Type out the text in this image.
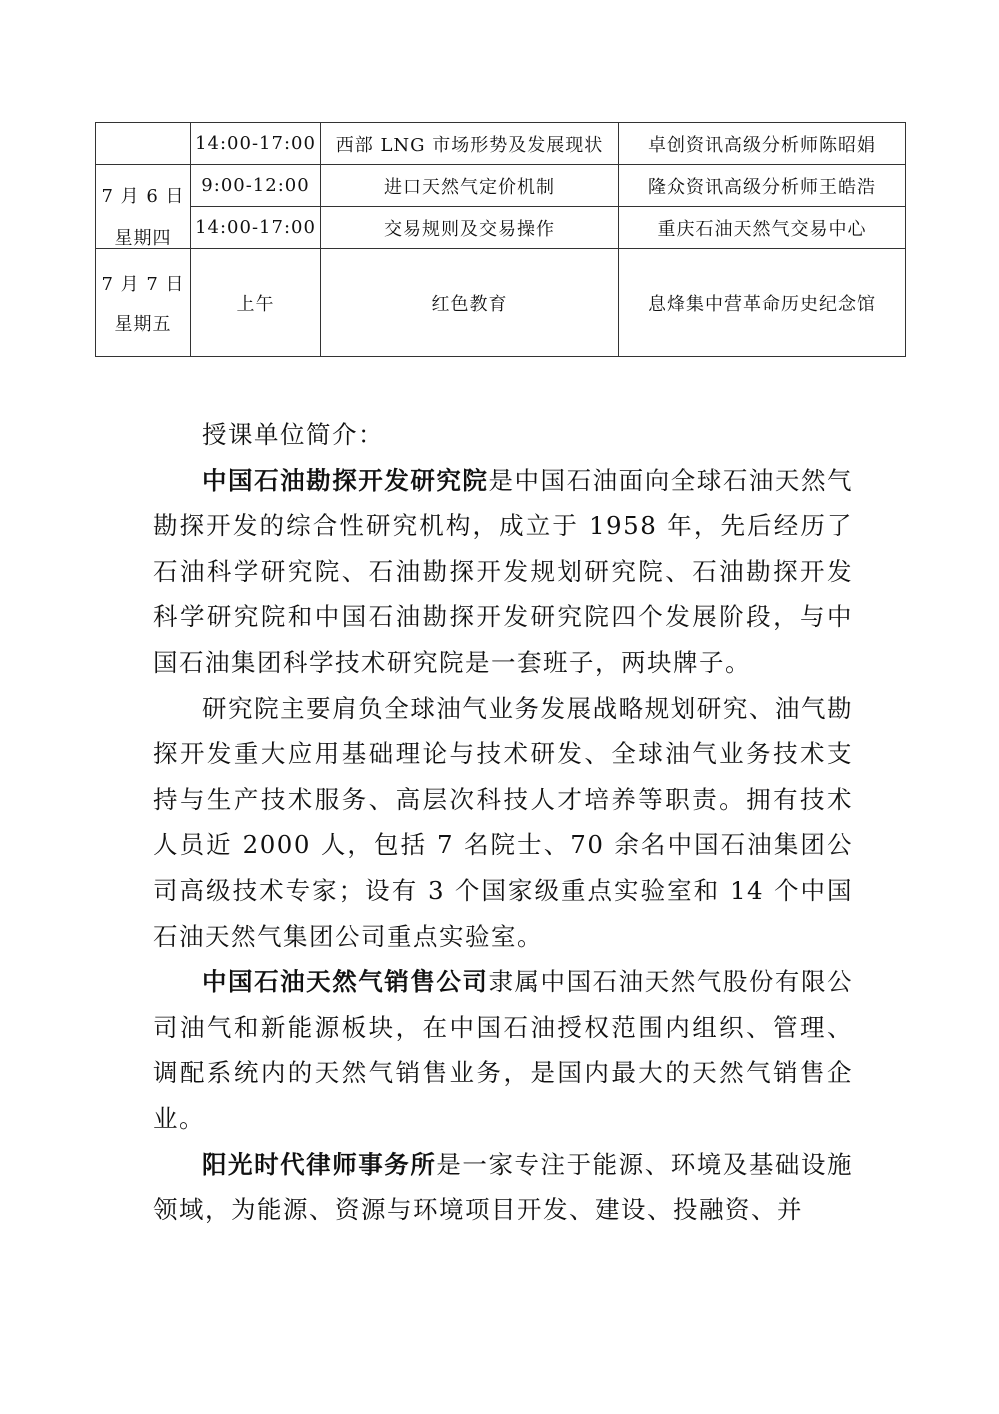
	14:00-17:00	西部 LNG 市场形势及发展现状	卓创资讯高级分析师陈昭娟

7 月 6 日
星期四	9:00-12:00	进口天然气定价机制	隆众资讯高级分析师王皓浩
	14:00-17:00	交易规则及交易操作	重庆石油天然气交易中心

7 月 7 日
星期五	上午	红色教育	息烽集中营革命历史纪念馆

授课单位简介：

中国石油勘探开发研究院是中国石油面向全球石油天然气勘探开发的综合性研究机构，成立于 1958 年，先后经历了石油科学研究院、石油勘探开发规划研究院、石油勘探开发科学研究院和中国石油勘探开发研究院四个发展阶段，与中国石油集团科学技术研究院是一套班子，两块牌子。

研究院主要肩负全球油气业务发展战略规划研究、油气勘探开发重大应用基础理论与技术研发、全球油气业务技术支持与生产技术服务、高层次科技人才培养等职责。拥有技术人员近 2000 人，包括 7 名院士、70 余名中国石油集团公司高级技术专家；设有 3 个国家级重点实验室和 14 个中国石油天然气集团公司重点实验室。

中国石油天然气销售公司隶属中国石油天然气股份有限公司油气和新能源板块，在中国石油授权范围内组织、管理、调配系统内的天然气销售业务，是国内最大的天然气销售企业。

阳光时代律师事务所是一家专注于能源、环境及基础设施领域，为能源、资源与环境项目开发、建设、投融资、并
